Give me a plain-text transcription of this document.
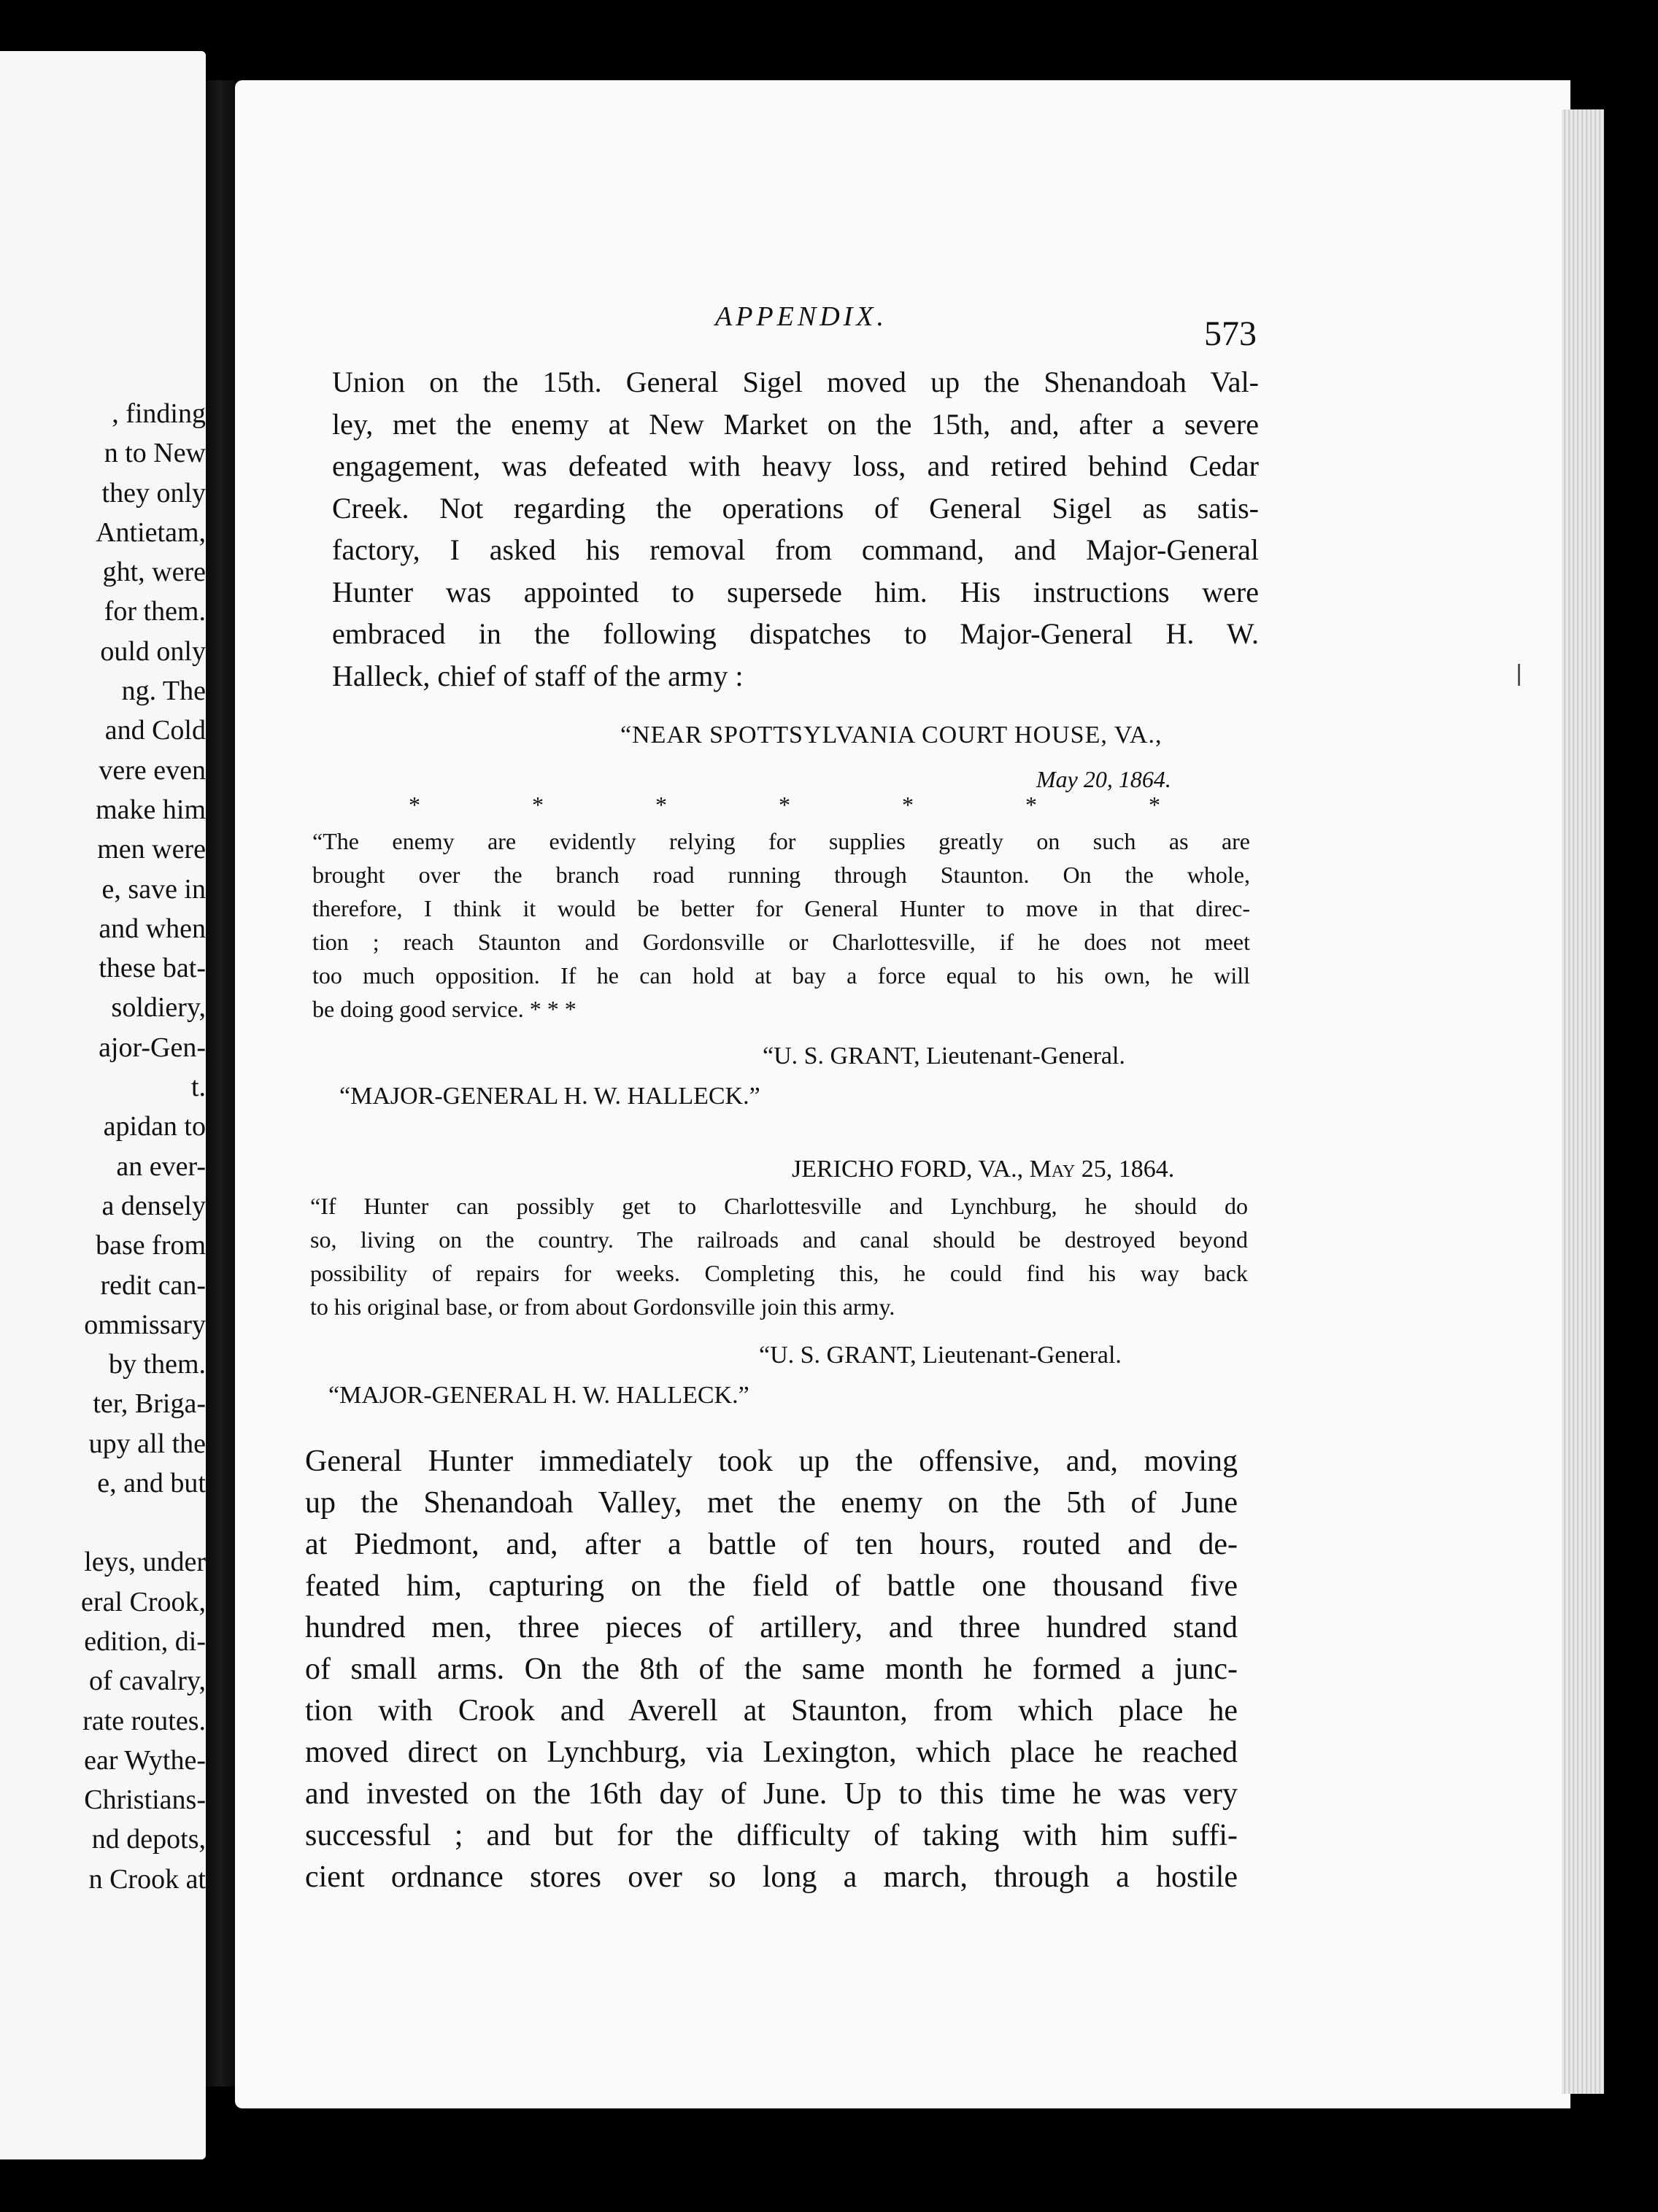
, finding
n to New
they only
Antietam,
ght, were
for them.
ould only
ng. The
and Cold
vere even
make him
men were
e, save in
and when
these bat-
soldiery,
ajor-Gen-
t.
apidan to
an ever-
a densely
base from
redit can-
ommissary
by them.
ter, Briga-
upy all the
e, and but
leys, under
eral Crook,
edition, di-
of cavalry,
rate routes.
ear Wythe-
Christians-
nd depots,
n Crook at
APPENDIX.	573
Union on the 15th. General Sigel moved up the Shenandoah Val-
ley, met the enemy at New Market on the 15th, and, after a severe
engagement, was defeated with heavy loss, and retired behind Cedar
Creek. Not regarding the operations of General Sigel as satis-
factory, I asked his removal from command, and Major-General
Hunter was appointed to supersede him. His instructions were
embraced in the following dispatches to Major-General H. W.
Halleck, chief of staff of the army :
“NEAR SPOTTSYLVANIA COURT HOUSE, VA.,
May 20, 1864.
*	*	*	*	*	*	*
“The enemy are evidently relying for supplies greatly on such as are
brought over the branch road running through Staunton. On the whole,
therefore, I think it would be better for General Hunter to move in that direc-
tion ; reach Staunton and Gordonsville or Charlottesville, if he does not meet
too much opposition. If he can hold at bay a force equal to his own, he will
be doing good service. * * *
“U. S. GRANT, Lieutenant-General.
“MAJOR-GENERAL H. W. HALLECK.”
JERICHO FORD, VA., May 25, 1864.
“If Hunter can possibly get to Charlottesville and Lynchburg, he should do
so, living on the country. The railroads and canal should be destroyed beyond
possibility of repairs for weeks. Completing this, he could find his way back
to his original base, or from about Gordonsville join this army.
“U. S. GRANT, Lieutenant-General.
“MAJOR-GENERAL H. W. HALLECK.”
General Hunter immediately took up the offensive, and, moving
up the Shenandoah Valley, met the enemy on the 5th of June
at Piedmont, and, after a battle of ten hours, routed and de-
feated him, capturing on the field of battle one thousand five
hundred men, three pieces of artillery, and three hundred stand
of small arms. On the 8th of the same month he formed a junc-
tion with Crook and Averell at Staunton, from which place he
moved direct on Lynchburg, via Lexington, which place he reached
and invested on the 16th day of June. Up to this time he was very
successful ; and but for the difficulty of taking with him suffi-
cient ordnance stores over so long a march, through a hostile
